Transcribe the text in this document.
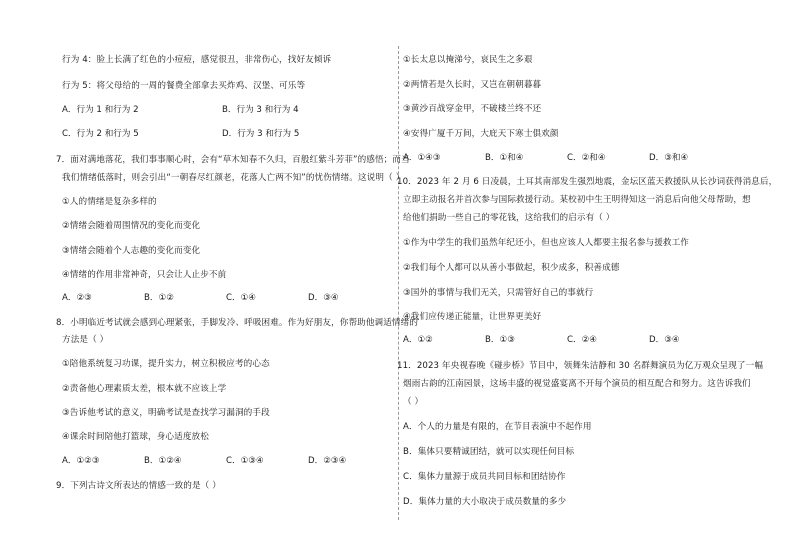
行为 4：脸上长满了红色的小痘痘，感觉很丑，非常伤心，找好友倾诉
行为 5：将父母给的一周的餐费全部拿去买炸鸡、汉堡、可乐等
A．行为 1 和行为 2	B．行为 3 和行为 4
C．行为 2 和行为 5	D．行为 3 和行为 5
7．面对满地落花，我们事事顺心时，会有“草木知春不久归，百般红紫斗芳菲”的感悟；而当
我们情绪低落时，则会引出“一朝春尽红颜老，花落人亡两不知”的忧伤情绪。这说明（ ）
①人的情绪是复杂多样的
②情绪会随着周围情况的变化而变化
③情绪会随着个人志趣的变化而变化
④情绪的作用非常神奇，只会让人止步不前
A．②③	B．①②	C．①④	D．③④
8．小明临近考试就会感到心理紧张，手脚发冷、呼吸困难。作为好朋友，你帮助他调适情绪的
方法是（ ）
①陪他系统复习功课，提升实力，树立积极应考的心态
②责备他心理素质太差，根本就不应该上学
③告诉他考试的意义，明确考试是查找学习漏洞的手段
④课余时间陪他打篮球，身心适度放松
A．①②③	B．①②④	C．①③④	D．②③④
9．下列古诗文所表达的情感一致的是（ ）
①长太息以掩涕兮，哀民生之多艰
②两情若是久长时，又岂在朝朝暮暮
③黄沙百战穿金甲，不破楼兰终不还
④安得广厦千万间，大庇天下寒士俱欢颜
A．①④③	B．①和④	C．②和④	D．③和④
10．2023 年 2 月 6 日凌晨，土耳其南部发生强烈地震，金坛区蓝天救援队从长沙词获得消息后，
立即主动报名并首次参与国际救援行动。某校初中生王明得知这一消息后向他父母帮助，想
给他们捐助一些自己的零花钱，这给我们的启示有（ ）
①作为中学生的我们虽然年纪还小，但也应该人人都要主报名参与援救工作
②我们每个人都可以从善小事做起，积少成多，积善成德
③国外的事情与我们无关，只需管好自己的事就行
④我们应传递正能量，让世界更美好
A．①②	B．①③	C．②④	D．③④
11．2023 年央视春晚《碰步桥》节目中，领舞朱洁静和 30 名群舞演员为亿万观众呈现了一幅
烟雨古韵的江南园景，这场丰盛的视觉盛宴离不开每个演员的相互配合和努力。这告诉我们
（ ）
A．个人的力量是有限的，在节目表演中不起作用
B．集体只要精诚团结，就可以实现任何目标
C．集体力量源于成员共同目标和团结协作
D．集体力量的大小取决于成员数量的多少
